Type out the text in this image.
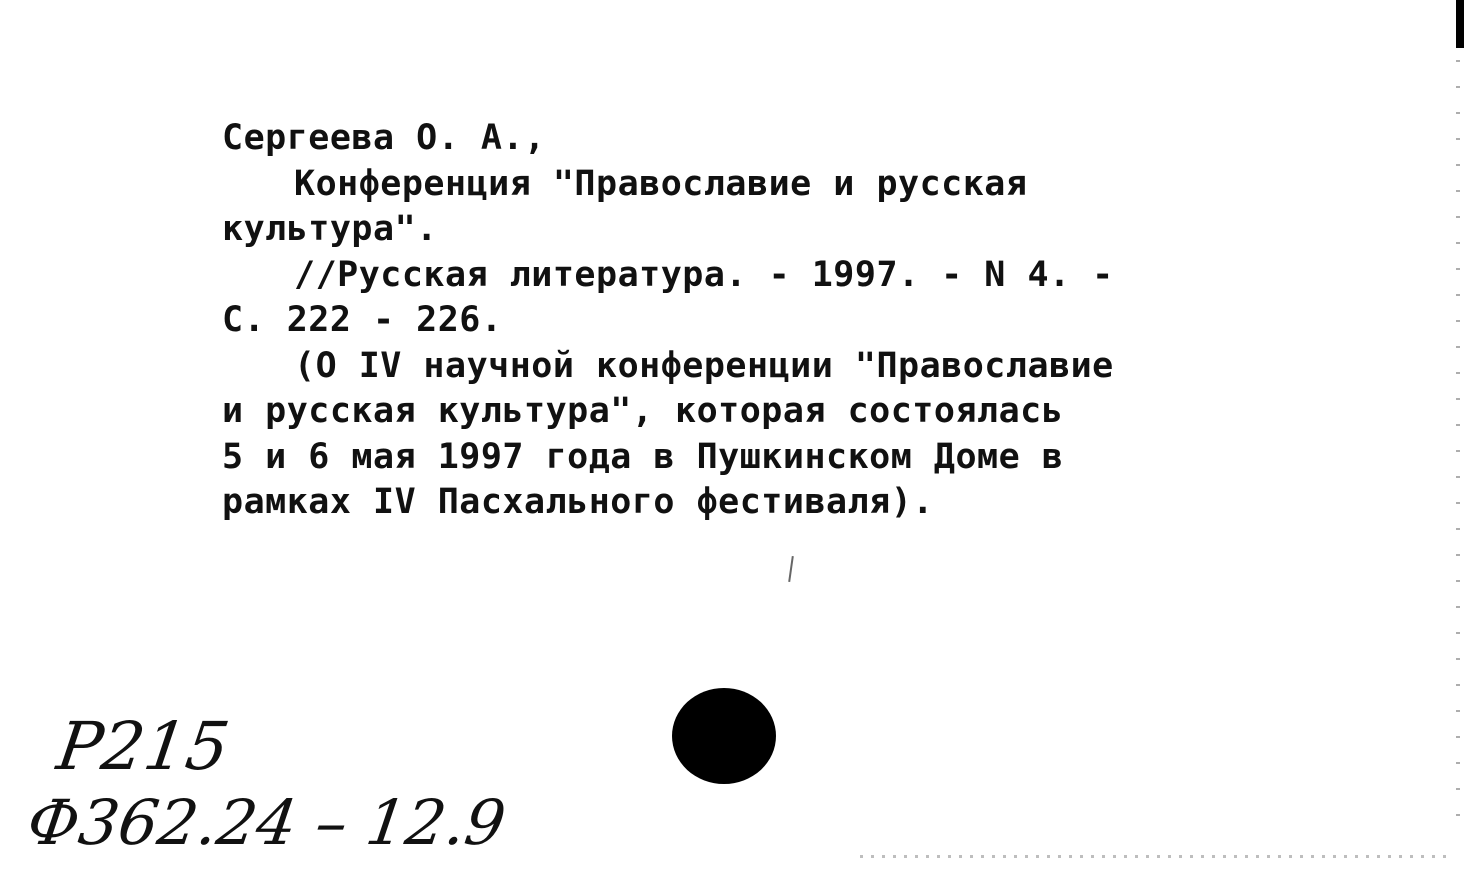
Сергеева О. А.,
Конференция "Православие и русская
культура".
//Русская литература. - 1997. - N 4. -
С. 222 - 226.
(О IV научной конференции "Православие
и русская культура", которая состоялась
5 и 6 мая 1997 года в Пушкинском Доме в
рамках IV Пасхального фестиваля).
Р215
Ф362.24 – 12.9
